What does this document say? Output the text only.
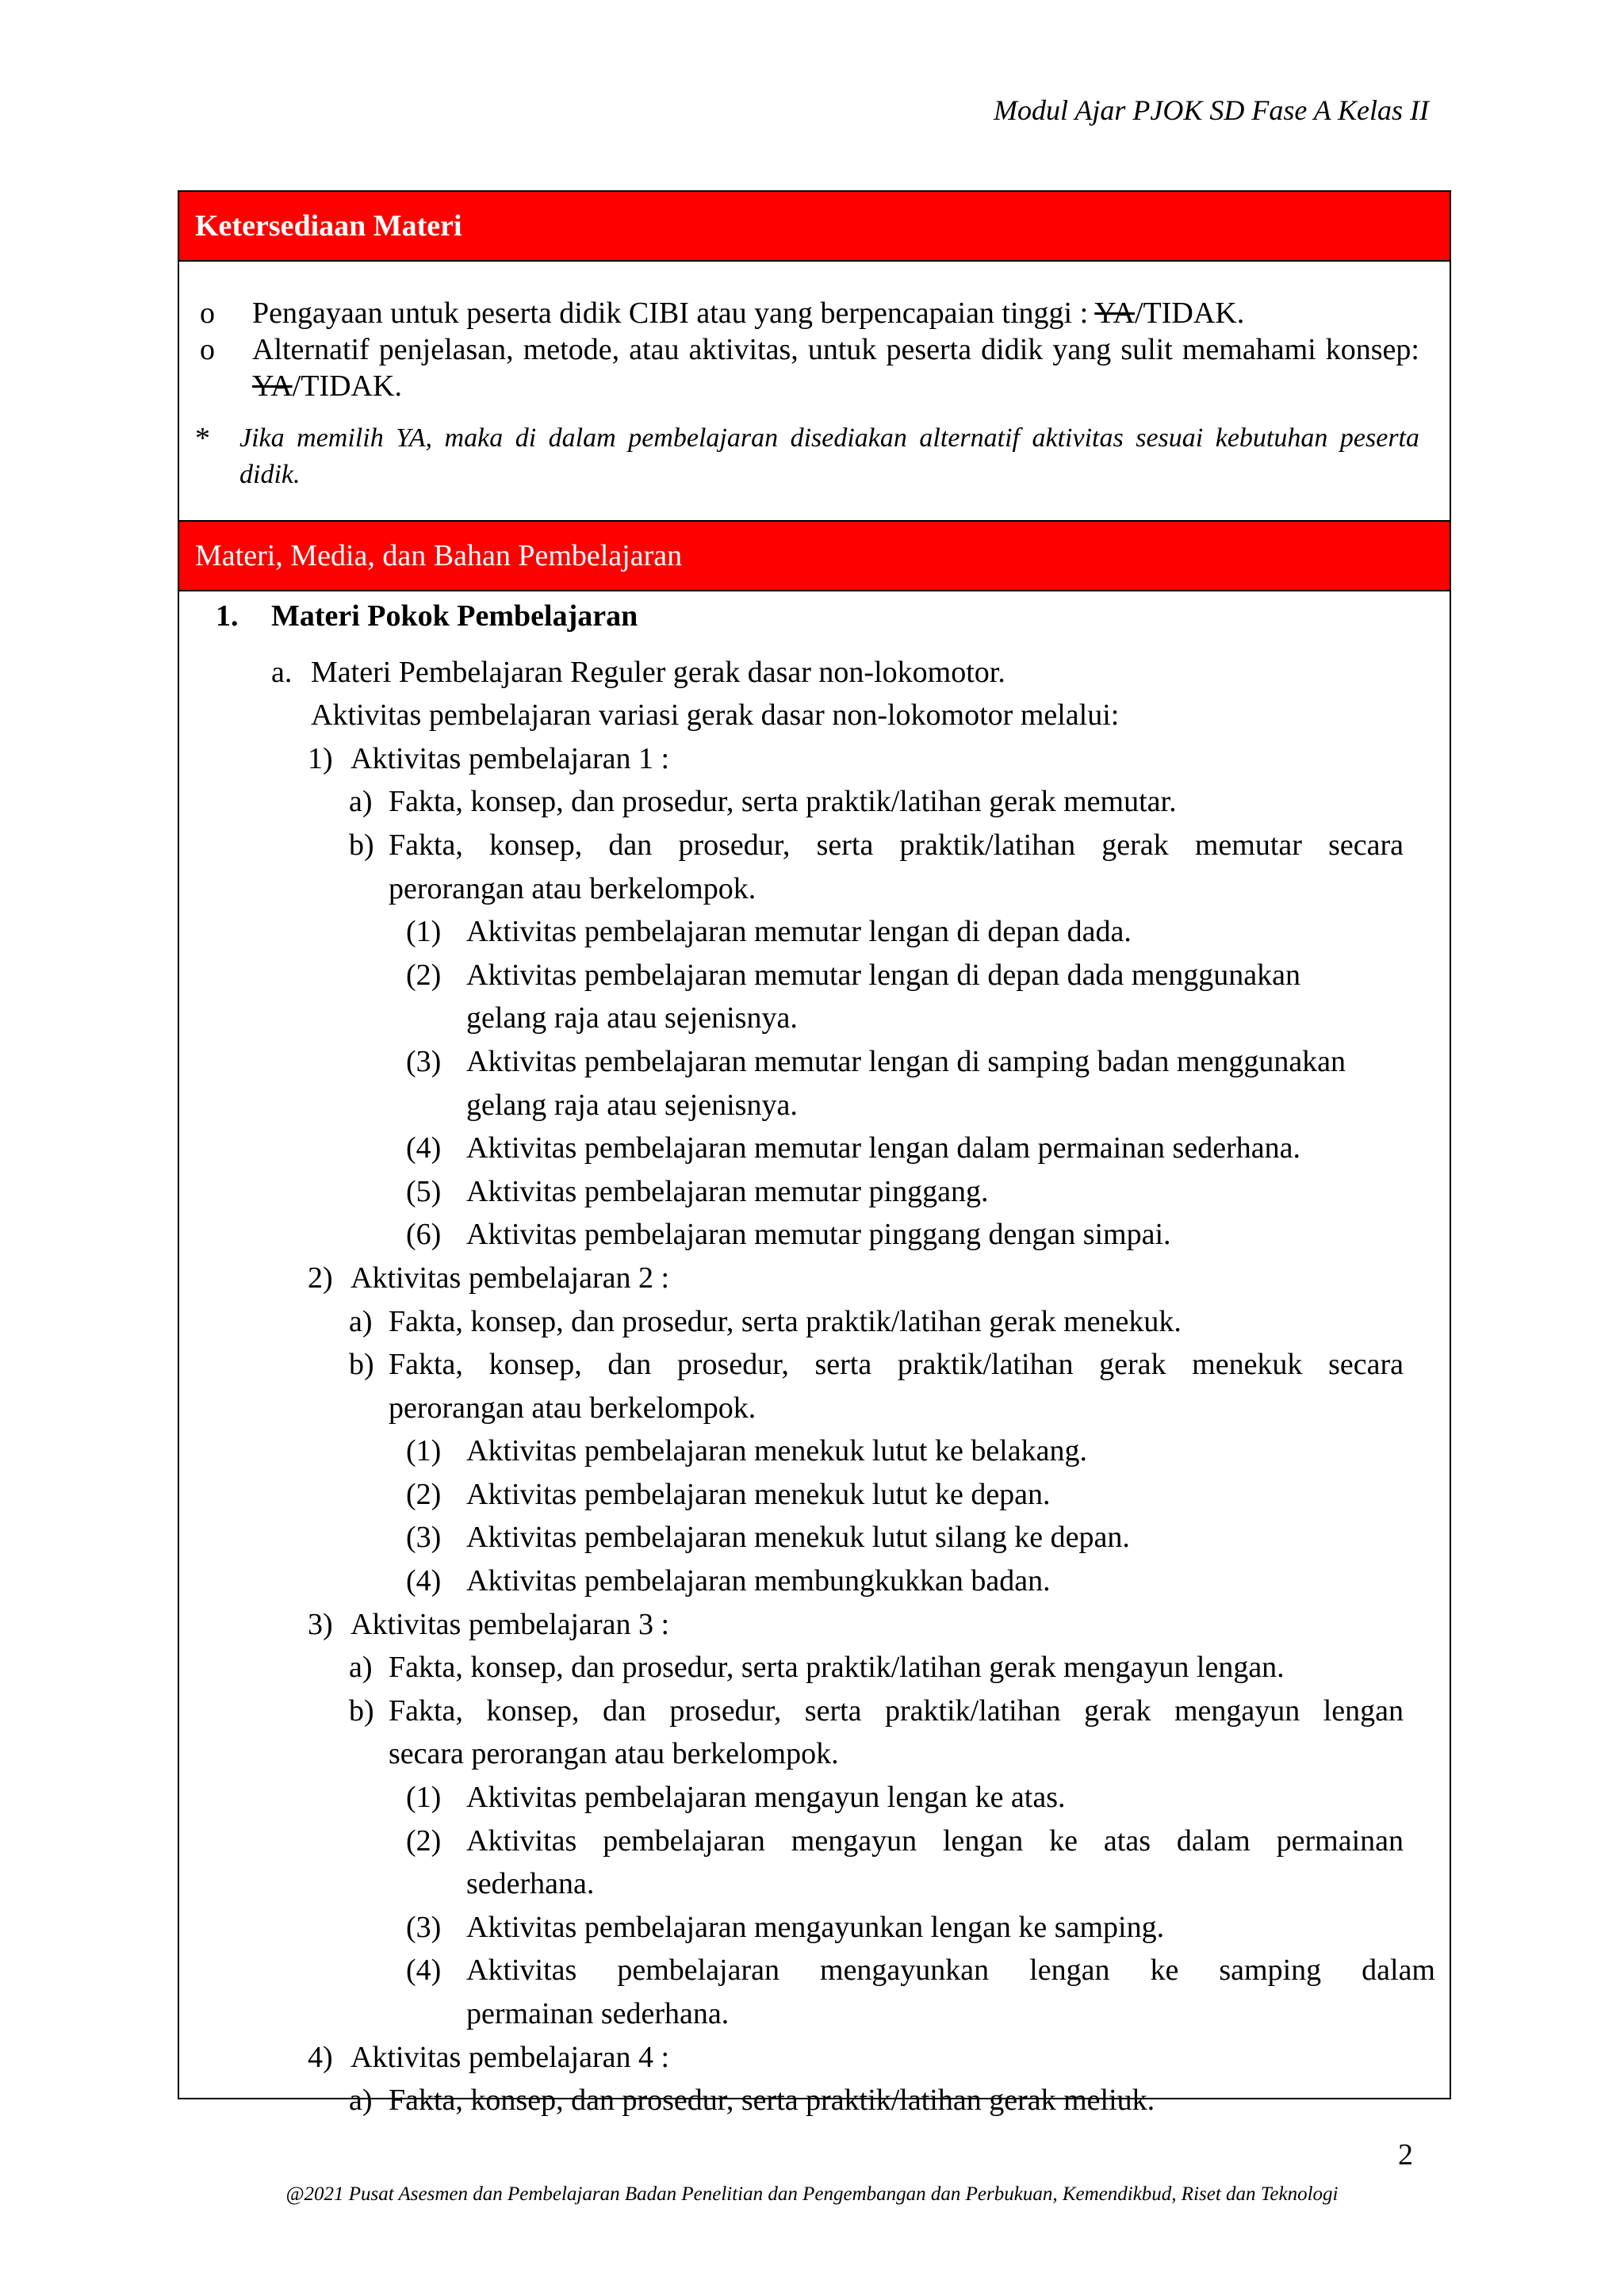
Modul Ajar PJOK SD Fase A Kelas II
Ketersediaan Materi
o Pengayaan untuk peserta didik CIBI atau yang berpencapaian tinggi : YA/TIDAK.
o Alternatif penjelasan, metode, atau aktivitas, untuk peserta didik yang sulit memahami konsep: YA/TIDAK.
* Jika memilih YA, maka di dalam pembelajaran disediakan alternatif aktivitas sesuai kebutuhan peserta didik.
Materi, Media, dan Bahan Pembelajaran
1. Materi Pokok Pembelajaran
a. Materi Pembelajaran Reguler gerak dasar non-lokomotor.
Aktivitas pembelajaran variasi gerak dasar non-lokomotor melalui:
1) Aktivitas pembelajaran 1 :
a) Fakta, konsep, dan prosedur, serta praktik/latihan gerak memutar.
b) Fakta, konsep, dan prosedur, serta praktik/latihan gerak memutar secara
perorangan atau berkelompok.
(1) Aktivitas pembelajaran memutar lengan di depan dada.
(2) Aktivitas pembelajaran memutar lengan di depan dada menggunakan
gelang raja atau sejenisnya.
(3) Aktivitas pembelajaran memutar lengan di samping badan menggunakan
gelang raja atau sejenisnya.
(4) Aktivitas pembelajaran memutar lengan dalam permainan sederhana.
(5) Aktivitas pembelajaran memutar pinggang.
(6) Aktivitas pembelajaran memutar pinggang dengan simpai.
2) Aktivitas pembelajaran 2 :
a) Fakta, konsep, dan prosedur, serta praktik/latihan gerak menekuk.
b) Fakta, konsep, dan prosedur, serta praktik/latihan gerak menekuk secara
perorangan atau berkelompok.
(1) Aktivitas pembelajaran menekuk lutut ke belakang.
(2) Aktivitas pembelajaran menekuk lutut ke depan.
(3) Aktivitas pembelajaran menekuk lutut silang ke depan.
(4) Aktivitas pembelajaran membungkukkan badan.
3) Aktivitas pembelajaran 3 :
a) Fakta, konsep, dan prosedur, serta praktik/latihan gerak mengayun lengan.
b) Fakta, konsep, dan prosedur, serta praktik/latihan gerak mengayun lengan
secara perorangan atau berkelompok.
(1) Aktivitas pembelajaran mengayun lengan ke atas.
(2) Aktivitas pembelajaran mengayun lengan ke atas dalam permainan
sederhana.
(3) Aktivitas pembelajaran mengayunkan lengan ke samping.
(4) Aktivitas pembelajaran mengayunkan lengan ke samping dalam
permainan sederhana.
4) Aktivitas pembelajaran 4 :
a) Fakta, konsep, dan prosedur, serta praktik/latihan gerak meliuk.
2
@2021 Pusat Asesmen dan Pembelajaran Badan Penelitian dan Pengembangan dan Perbukuan, Kemendikbud, Riset dan Teknologi
